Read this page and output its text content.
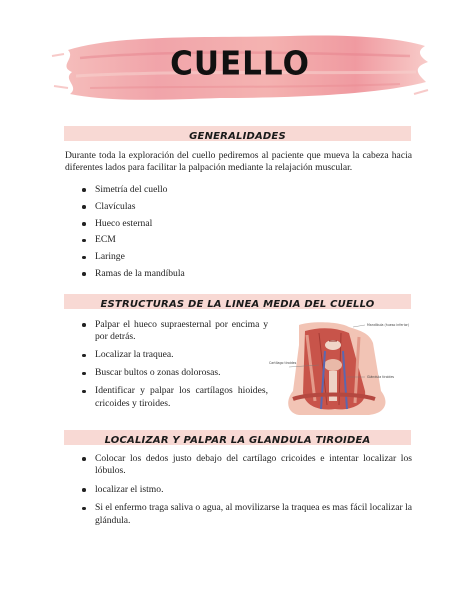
CUELLO
GENERALIDADES

Durante toda la exploración del cuello pediremos al paciente que mueva la cabeza hacia diferentes lados para facilitar la palpación mediante la relajación muscular.

Simetría del cuello
Clavículas
Hueco esternal
ECM
Laringe
Ramas de la mandíbula
ESTRUCTURAS DE LA LINEA MEDIA DEL CUELLO
Palpar el hueco supraesternal por encima y por detrás.
Localizar la traquea.
Buscar bultos o zonas dolorosas.
Identificar y palpar los cartílagos hioides, cricoides y tiroides.
Mandíbula (hueso inferior)
Cartílago tiroides
Glándula tiroides
LOCALIZAR Y PALPAR LA GLANDULA TIROIDEA
Colocar los dedos justo debajo del cartílago cricoides e intentar localizar los lóbulos.
localizar el istmo.
Si el enfermo traga saliva o agua, al movilizarse la traquea es mas fácil localizar la glándula.
